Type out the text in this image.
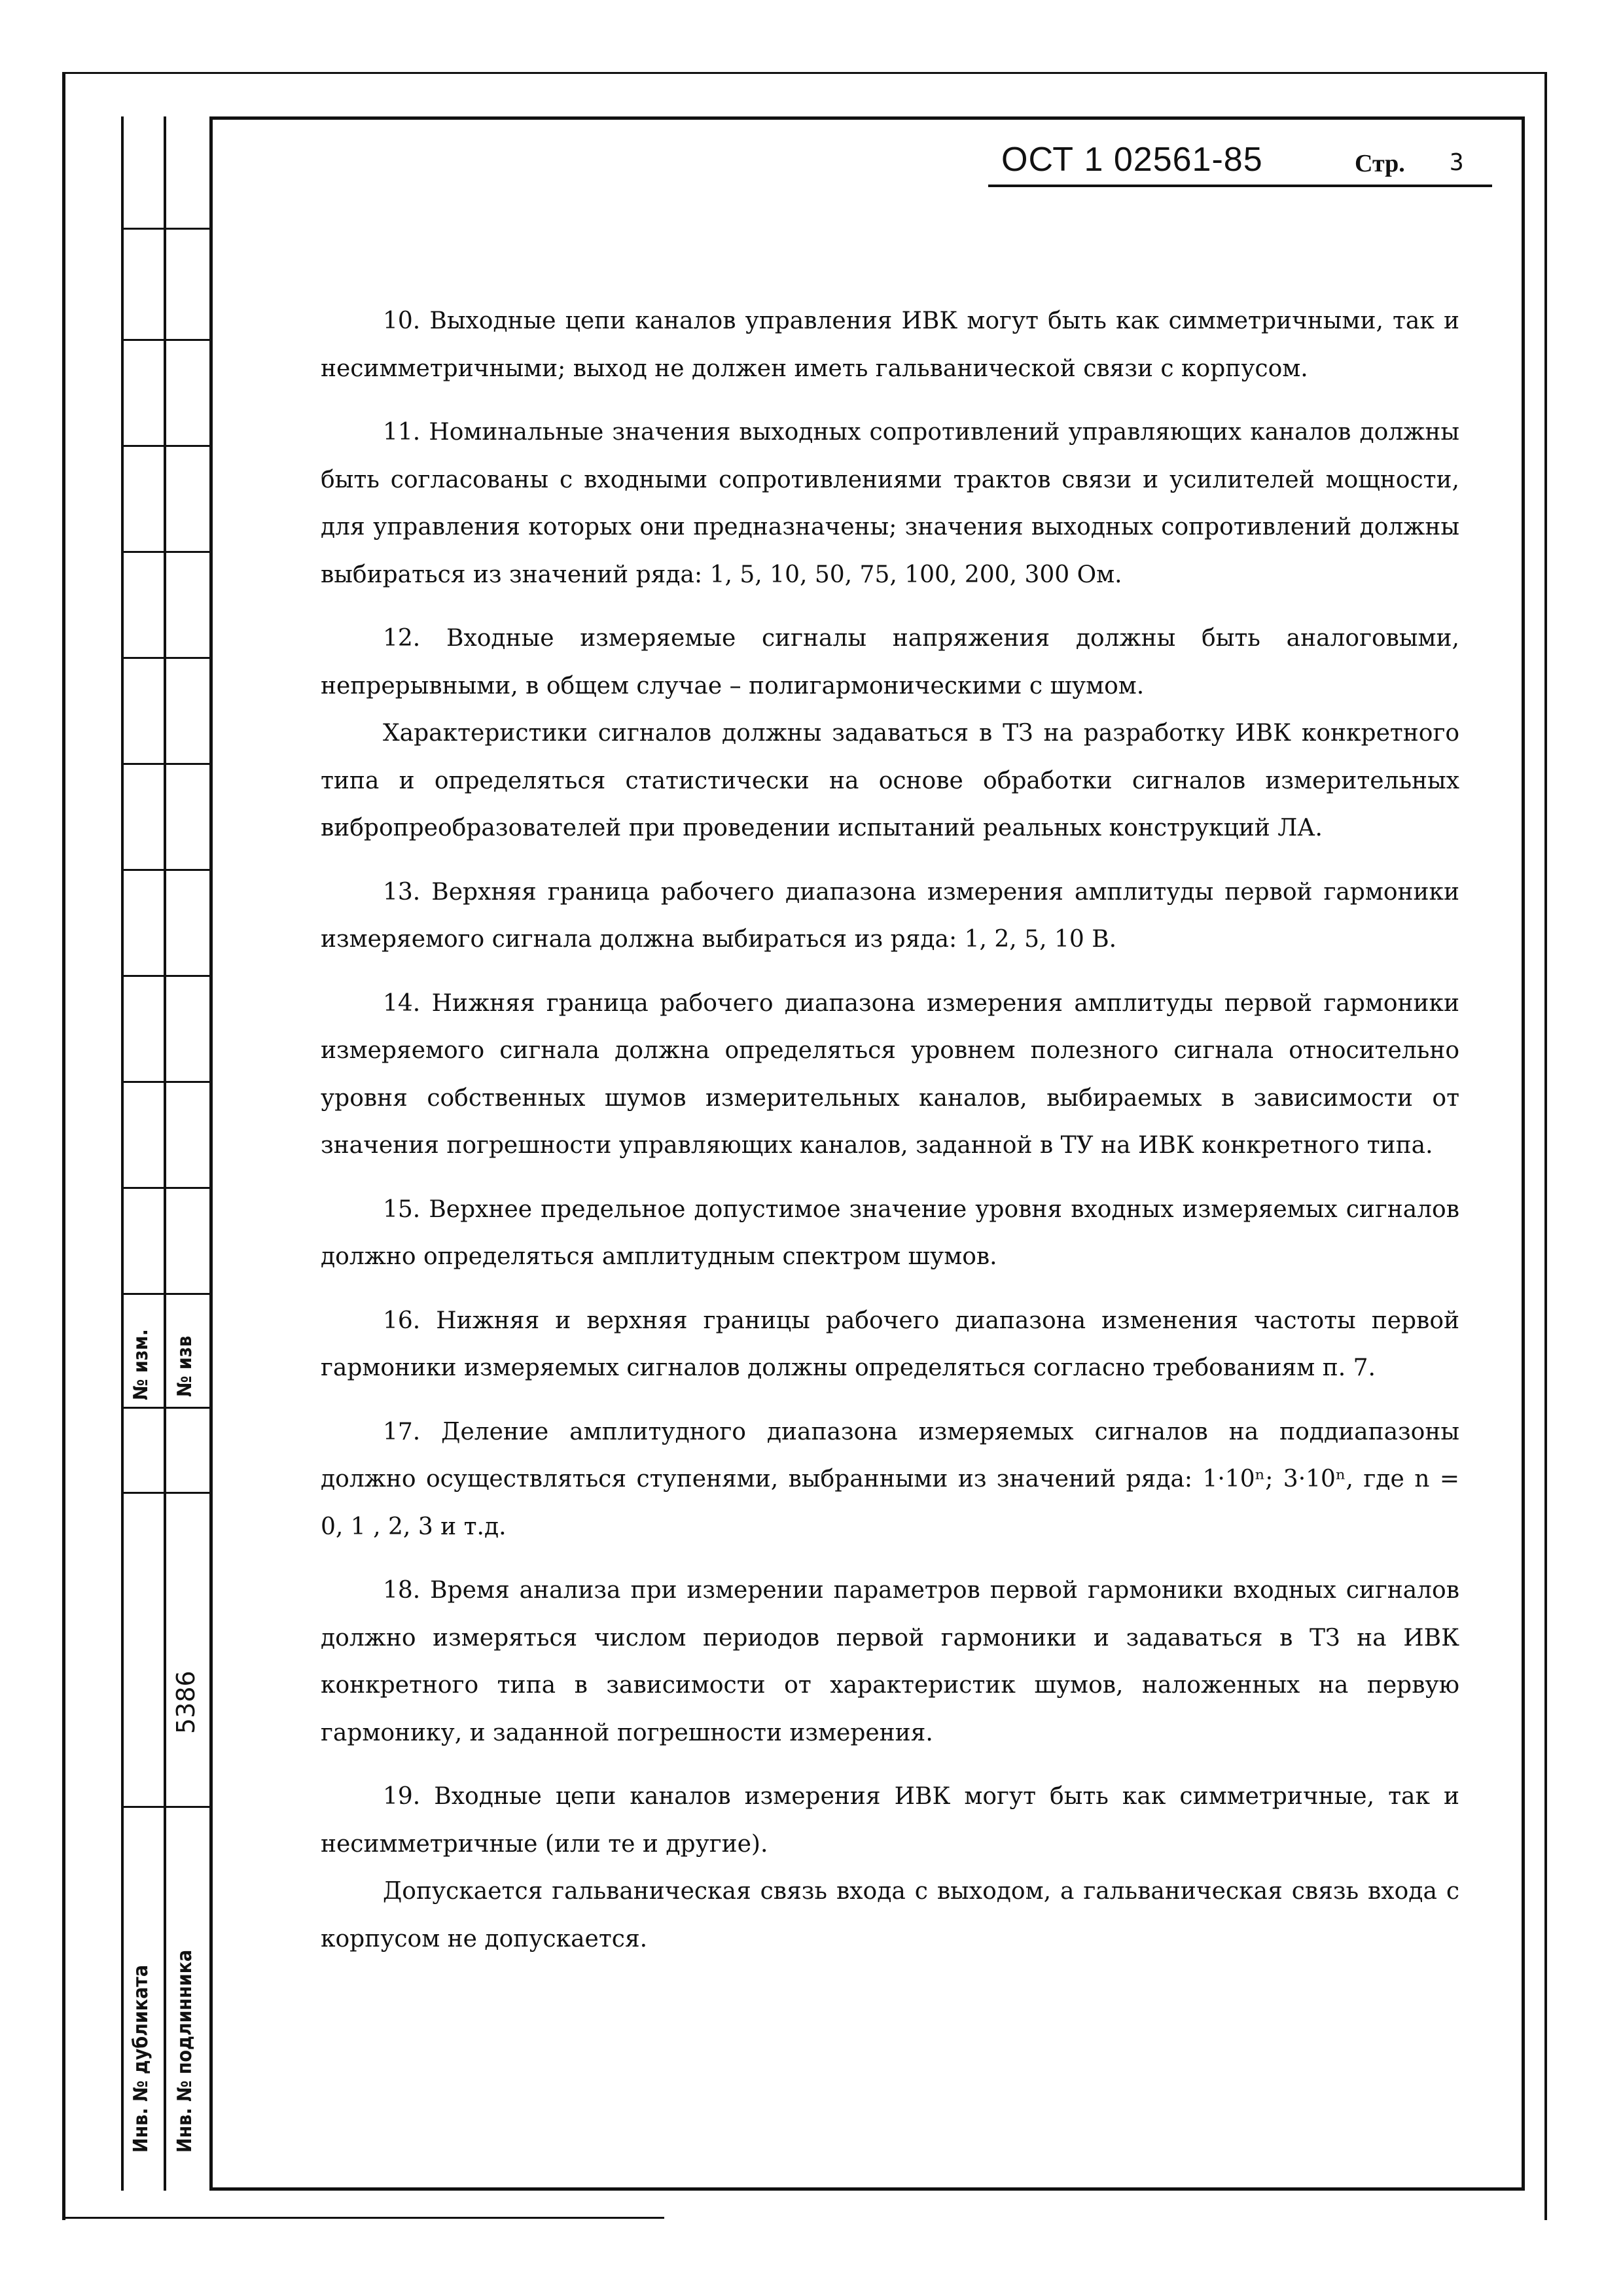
№ изм. № изв
5386
Инв. № дубликата Инв. № подлинника
ОСТ 1 02561-85	Стр. 3

10. Выходные цепи каналов управления ИВК могут быть как симметричными, так и несимметричными; выход не должен иметь гальванической связи с корпусом.

11. Номинальные значения выходных сопротивлений управляющих каналов должны быть согласованы с входными сопротивлениями трактов связи и усилителей мощности, для управления которых они предназначены; значения выходных сопротивлений должны выбираться из значений ряда: 1, 5, 10, 50, 75, 100, 200, 300 Ом.

12. Входные измеряемые сигналы напряжения должны быть аналоговыми, непрерывными, в общем случае – полигармоническими с шумом.

Характеристики сигналов должны задаваться в ТЗ на разработку ИВК конкретного типа и определяться статистически на основе обработки сигналов измерительных вибропреобразователей при проведении испытаний реальных конструкций ЛА.

13. Верхняя граница рабочего диапазона измерения амплитуды первой гармоники измеряемого сигнала должна выбираться из ряда: 1, 2, 5, 10 В.

14. Нижняя граница рабочего диапазона измерения амплитуды первой гармоники измеряемого сигнала должна определяться уровнем полезного сигнала относительно уровня собственных шумов измерительных каналов, выбираемых в зависимости от значения погрешности управляющих каналов, заданной в ТУ на ИВК конкретного типа.

15. Верхнее предельное допустимое значение уровня входных измеряемых сигналов должно определяться амплитудным спектром шумов.

16. Нижняя и верхняя границы рабочего диапазона изменения частоты первой гармоники измеряемых сигналов должны определяться согласно требованиям п. 7.

17. Деление амплитудного диапазона измеряемых сигналов на поддиапазоны должно осуществляться ступенями, выбранными из значений ряда: 1·10ⁿ; 3·10ⁿ, где n = 0, 1 , 2, 3 и т.д.

18. Время анализа при измерении параметров первой гармоники входных сигналов должно измеряться числом периодов первой гармоники и задаваться в ТЗ на ИВК конкретного типа в зависимости от характеристик шумов, наложенных на первую гармонику, и заданной погрешности измерения.

19. Входные цепи каналов измерения ИВК могут быть как симметричные, так и несимметричные (или те и другие).

Допускается гальваническая связь входа с выходом, а гальваническая связь входа с корпусом не допускается.
